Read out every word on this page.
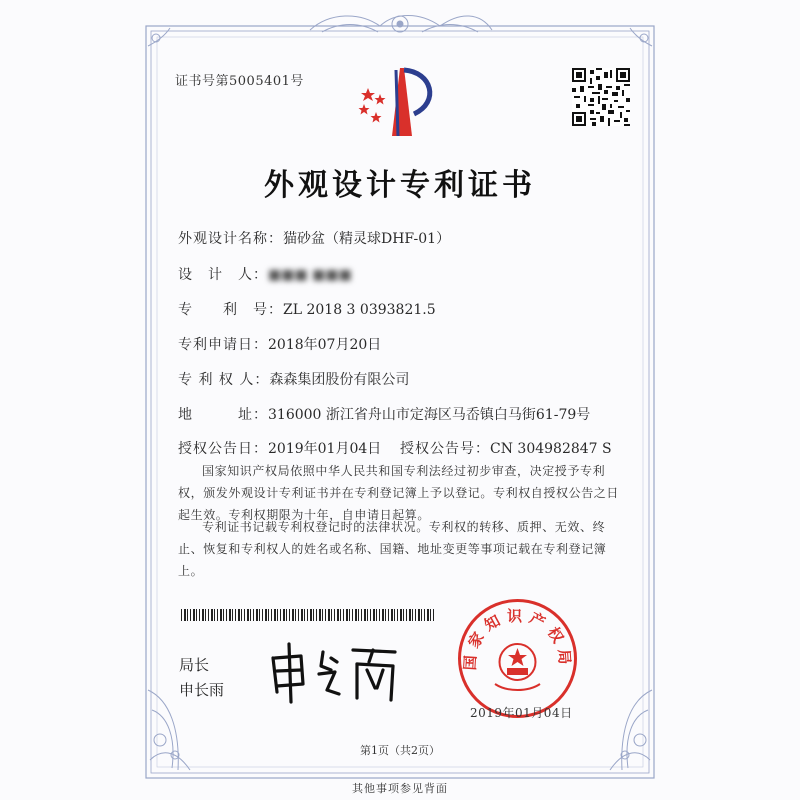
证书号第5005401号
外观设计专利证书
外观设计名称：猫砂盆（精灵球DHF-01）
设　计　人：■■■ ■■■
专　　利　号：ZL 2018 3 0393821.5
专利申请日：2018年07月20日
专 利 权 人：森森集团股份有限公司
地　　　址：316000 浙江省舟山市定海区马岙镇白马街61-79号
授权公告日：2019年01月04日 授权公告号：CN 304982847 S
国家知识产权局依照中华人民共和国专利法经过初步审查，决定授予专利权，颁发外观设计专利证书并在专利登记簿上予以登记。专利权自授权公告之日起生效。专利权期限为十年，自申请日起算。
专利证书记载专利权登记时的法律状况。专利权的转移、质押、无效、终止、恢复和专利权人的姓名或名称、国籍、地址变更等事项记载在专利登记簿上。
局长
申长雨
国家知识产权局
2019年01月04日
第1页（共2页）
其他事项参见背面
